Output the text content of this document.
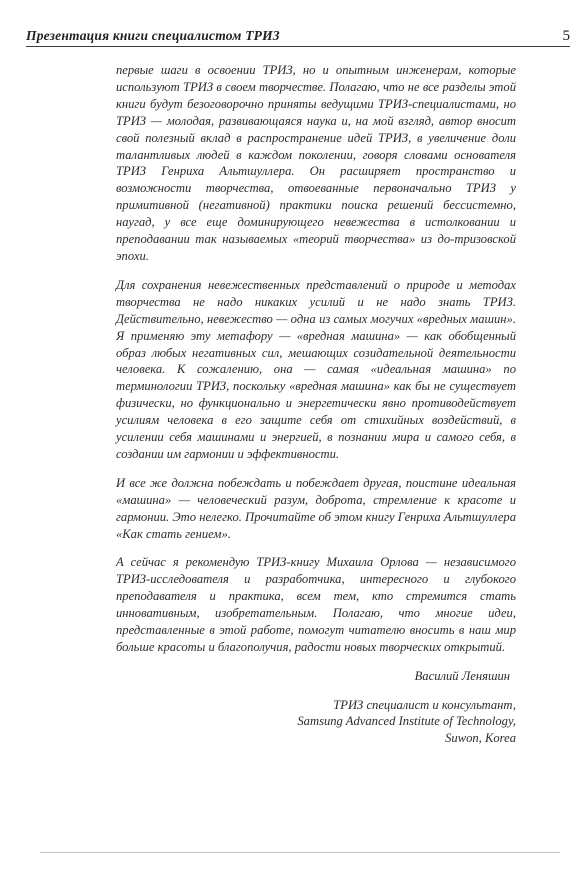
Презентация книги специалистом ТРИЗ	5

первые шаги в освоении ТРИЗ, но и опытным инженерам, которые используют ТРИЗ в своем творчестве. Полагаю, что не все разделы этой книги будут безоговорочно приняты ведущими ТРИЗ-специалистами, но ТРИЗ — молодая, развивающаяся наука и, на мой взгляд, автор вносит свой полезный вклад в распространение идей ТРИЗ, в увеличение доли талантливых людей в каждом поколении, говоря словами основателя ТРИЗ Генриха Альтшуллера. Он расширяет пространство и возможности творчества, отвоеванные первоначально ТРИЗ у примитивной (негативной) практики поиска решений бессистемно, наугад, у все еще доминирующего невежества в истолковании и преподавании так называемых «теорий творчества» из до-тризовской эпохи.

Для сохранения невежественных представлений о природе и методах творчества не надо никаких усилий и не надо знать ТРИЗ. Действительно, невежество — одна из самых могучих «вредных машин». Я применяю эту метафору — «вредная машина» — как обобщенный образ любых негативных сил, мешающих созидательной деятельности человека. К сожалению, она — самая «идеальная машина» по терминологии ТРИЗ, поскольку «вредная машина» как бы не существует физически, но функционально и энергетически явно противодействует усилиям человека в его защите себя от стихийных воздействий, в усилении себя машинами и энергией, в познании мира и самого себя, в создании им гармонии и эффективности.

И все же должна побеждать и побеждает другая, поистине идеальная «машина» — человеческий разум, доброта, стремление к красоте и гармонии. Это нелегко. Прочитайте об этом книгу Генриха Альтшуллера «Как стать гением».

А сейчас я рекомендую ТРИЗ-книгу Михаила Орлова — независимого ТРИЗ-исследователя и разработчика, интересного и глубокого преподавателя и практика, всем тем, кто стремится стать инновативным, изобретательным. Полагаю, что многие идеи, представленные в этой работе, помогут читателю вносить в наш мир больше красоты и благополучия, радости новых творческих открытий.

Василий Леняшин
ТРИЗ специалист и консультант,
Samsung Advanced Institute of Technology,
Suwon, Korea
